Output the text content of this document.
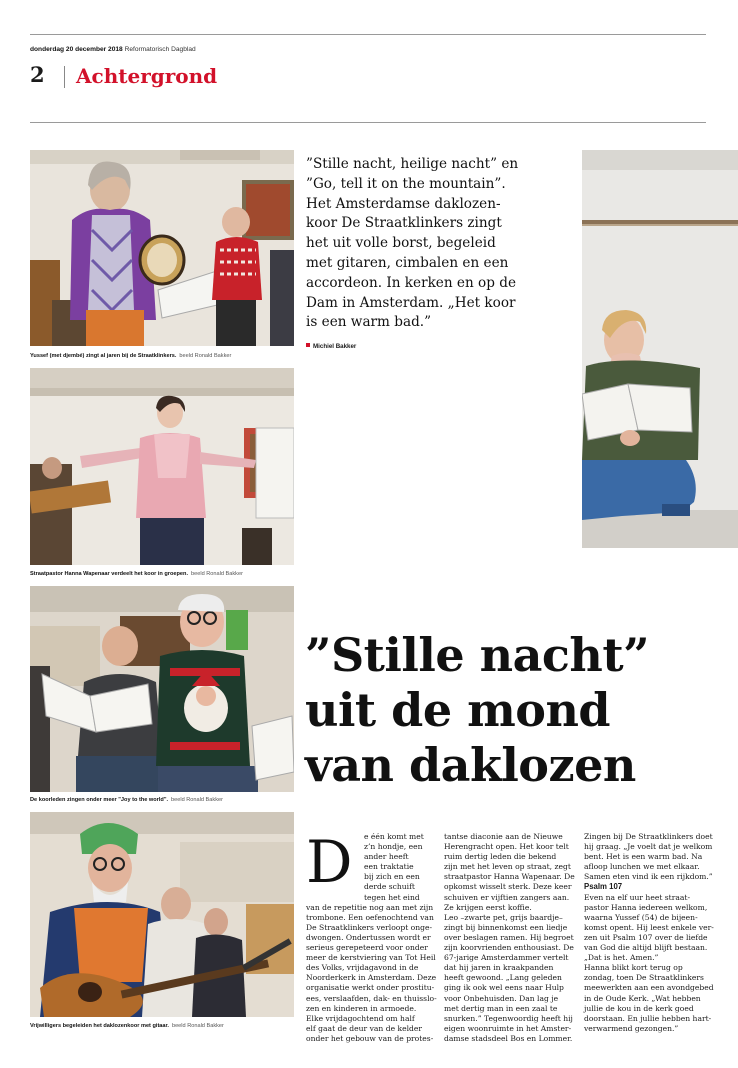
donderdag 20 december 2018 Reformatorisch Dagblad
2 Achtergrond
Yussef (met djembé) zingt al jaren bij de Straatklinkers. beeld Ronald Bakker
Straatpastor Hanna Wapenaar verdeelt het koor in groepen. beeld Ronald Bakker
De koorleden zingen onder meer "Joy to the world". beeld Ronald Bakker
Vrijwilligers begeleiden het daklozenkoor met gitaar. beeld Ronald Bakker
”Stille nacht, heilige nacht” en
”Go, tell it on the mountain”.
Het Amsterdamse daklozen-
koor De Straatklinkers zingt
het uit volle borst, begeleid
met gitaren, cimbalen en een
accordeon. In kerken en op de
Dam in Amsterdam. „Het koor
is een warm bad.”
Michiel Bakker
”Stille nacht”
uit de mond
van daklozen
D e één komt met

z’n hondje, een

ander heeft

een traktatie

bij zich en een

derde schuift

tegen het eind

van de repetitie nog aan met zijn

trombone. Een oefenochtend van

De Straatklinkers verloopt onge-

dwongen. Ondertussen wordt er

serieus gerepeteerd voor onder

meer de kerstviering van Tot Heil

des Volks, vrijdagavond in de

Noorderkerk in Amsterdam. Deze

organisatie werkt onder prostitu-

ees, verslaafden, dak- en thuisslo-

zen en kinderen in armoede.

Elke vrijdagochtend om half

elf gaat de deur van de kelder

onder het gebouw van de protes-

tantse diaconie aan de Nieuwe

Herengracht open. Het koor telt

ruim dertig leden die bekend

zijn met het leven op straat, zegt

straatpastor Hanna Wapenaar. De

opkomst wisselt sterk. Deze keer

schuiven er vijftien zangers aan.

Ze krijgen eerst koffie.

Leo –zwarte pet, grijs baardje–

zingt bij binnenkomst een liedje

over beslagen ramen. Hij begroet

zijn koorvrienden enthousiast. De

67-jarige Amsterdammer vertelt

dat hij jaren in kraakpanden

heeft gewoond. „Lang geleden

ging ik ook wel eens naar Hulp

voor Onbehuisden. Dan lag je

met dertig man in een zaal te

snurken.” Tegenwoordig heeft hij

eigen woonruimte in het Amster-

damse stadsdeel Bos en Lommer.

Zingen bij De Straatklinkers doet

hij graag. „Je voelt dat je welkom

bent. Het is een warm bad. Na

afloop lunchen we met elkaar.

Samen eten vind ik een rijkdom.”

Psalm 107

Even na elf uur heet straat-

pastor Hanna iedereen welkom,

waarna Yussef (54) de bijeen-

komst opent. Hij leest enkele ver-

zen uit Psalm 107 over de liefde

van God die altijd blijft bestaan.

„Dat is het. Amen.”

Hanna blikt kort terug op

zondag, toen De Straatklinkers

meewerkten aan een avondgebed

in de Oude Kerk. „Wat hebben

jullie de kou in de kerk goed

doorstaan. En jullie hebben hart-

verwarmend gezongen.”
